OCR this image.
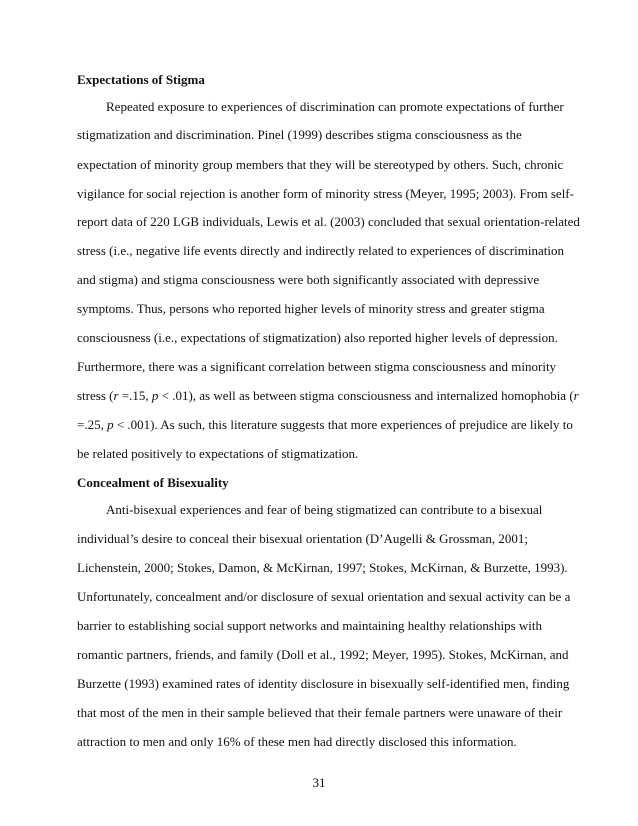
Expectations of Stigma

Repeated exposure to experiences of discrimination can promote expectations of further

stigmatization and discrimination. Pinel (1999) describes stigma consciousness as the

expectation of minority group members that they will be stereotyped by others. Such, chronic

vigilance for social rejection is another form of minority stress (Meyer, 1995; 2003). From self-

report data of 220 LGB individuals, Lewis et al. (2003) concluded that sexual orientation-related

stress (i.e., negative life events directly and indirectly related to experiences of discrimination

and stigma) and stigma consciousness were both significantly associated with depressive

symptoms. Thus, persons who reported higher levels of minority stress and greater stigma

consciousness (i.e., expectations of stigmatization) also reported higher levels of depression.

Furthermore, there was a significant correlation between stigma consciousness and minority

stress (r =.15, p < .01), as well as between stigma consciousness and internalized homophobia (r

=.25, p < .001). As such, this literature suggests that more experiences of prejudice are likely to

be related positively to expectations of stigmatization.

Concealment of Bisexuality

Anti-bisexual experiences and fear of being stigmatized can contribute to a bisexual

individual’s desire to conceal their bisexual orientation (D’Augelli & Grossman, 2001;

Lichenstein, 2000; Stokes, Damon, & McKirnan, 1997; Stokes, McKirnan, & Burzette, 1993).

Unfortunately, concealment and/or disclosure of sexual orientation and sexual activity can be a

barrier to establishing social support networks and maintaining healthy relationships with

romantic partners, friends, and family (Doll et al., 1992; Meyer, 1995). Stokes, McKirnan, and

Burzette (1993) examined rates of identity disclosure in bisexually self-identified men, finding

that most of the men in their sample believed that their female partners were unaware of their

attraction to men and only 16% of these men had directly disclosed this information.

31
